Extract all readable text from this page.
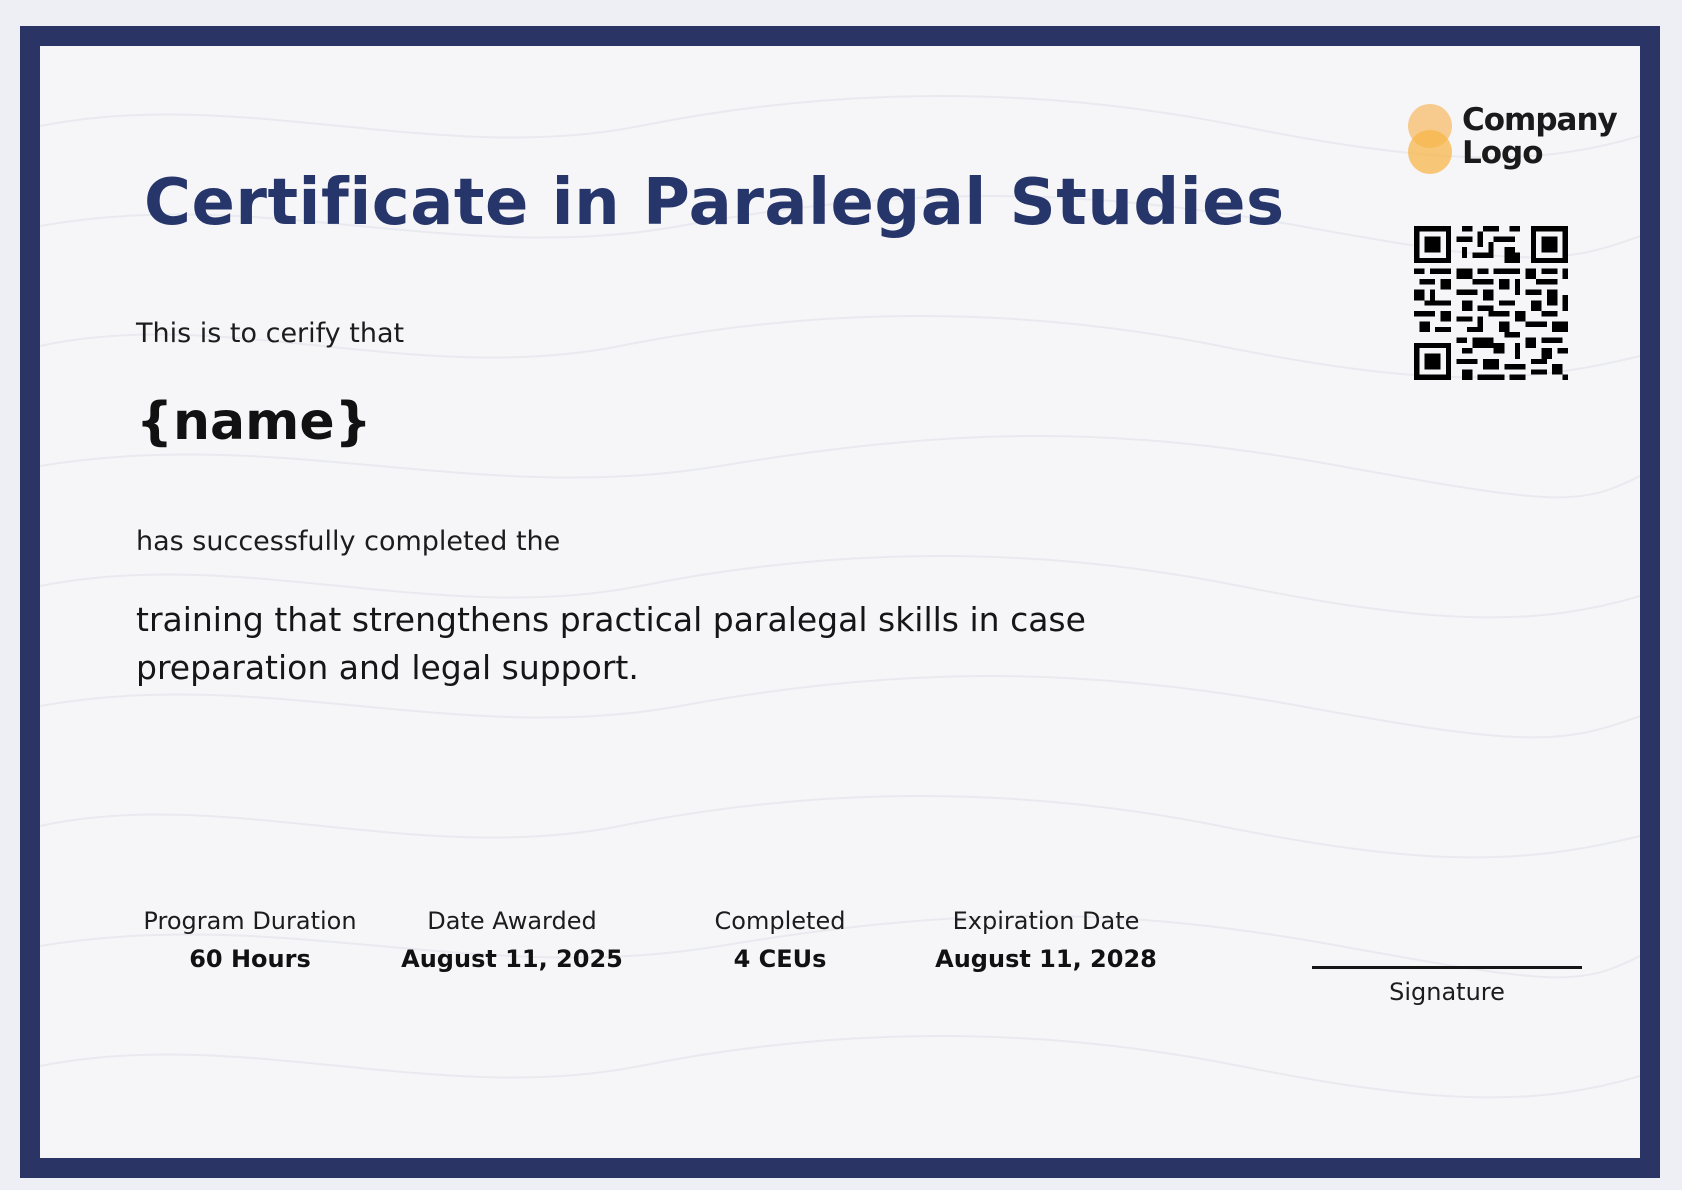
Company
Logo
Certificate in Paralegal Studies
This is to cerify that
{name}
has successfully completed the
training that strengthens practical paralegal skills in case preparation and legal support.
Program Duration
60 Hours
Date Awarded
August 11, 2025
Completed
4 CEUs
Expiration Date
August 11, 2028
Signature
